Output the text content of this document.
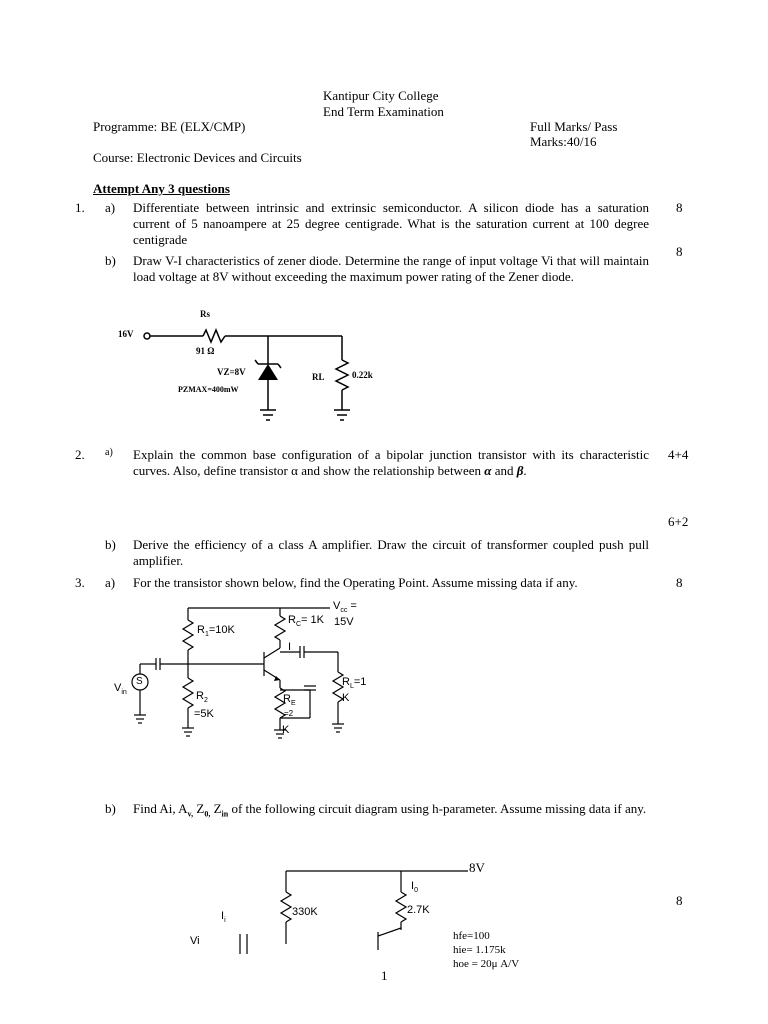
Kantipur City College
End Term Examination
Programme: BE (ELX/CMP)	Full Marks/ Pass
Marks:40/16
Course: Electronic Devices and Circuits
Attempt Any 3 questions
1. a) Differentiate between intrinsic and extrinsic semiconductor. A silicon diode has a saturation current of 5 nanoampere at 25 degree centigrade. What is the saturation current at 100 degree centigrade
8
b) Draw V-I characteristics of zener diode. Determine the range of input voltage Vi that will maintain load voltage at 8V without exceeding the maximum power rating of the Zener diode.
8
16V
Rs
91 Ω
VZ=8V
PZMAX=400mW
RL	0.22k
2. a) Explain the common base configuration of a bipolar junction transistor with its characteristic curves. Also, define transistor α and show the relationship between α and β.
4+4
6+2
b) Derive the efficiency of a class A amplifier. Draw the circuit of transformer coupled push pull amplifier.
3. a) For the transistor shown below, find the Operating Point. Assume missing data if any.	8
$V_{cc}$ =
15V
$R_1=10K$
$R_C= 1K$
I
$R_2$
=5K
$R_E$
=2
K
$R_L=1$
K
$V_{in}$
S
b) Find Ai, $A_{v,}$ $Z_{0,}$ $Z_{in}$ of the following circuit diagram using h-parameter. Assume missing data if any.
8
8V
$I_0$
330K	2.7K
$I_i$
Vi	hfe=100
hie= 1.175k
hoe = 20μ A/V
1
